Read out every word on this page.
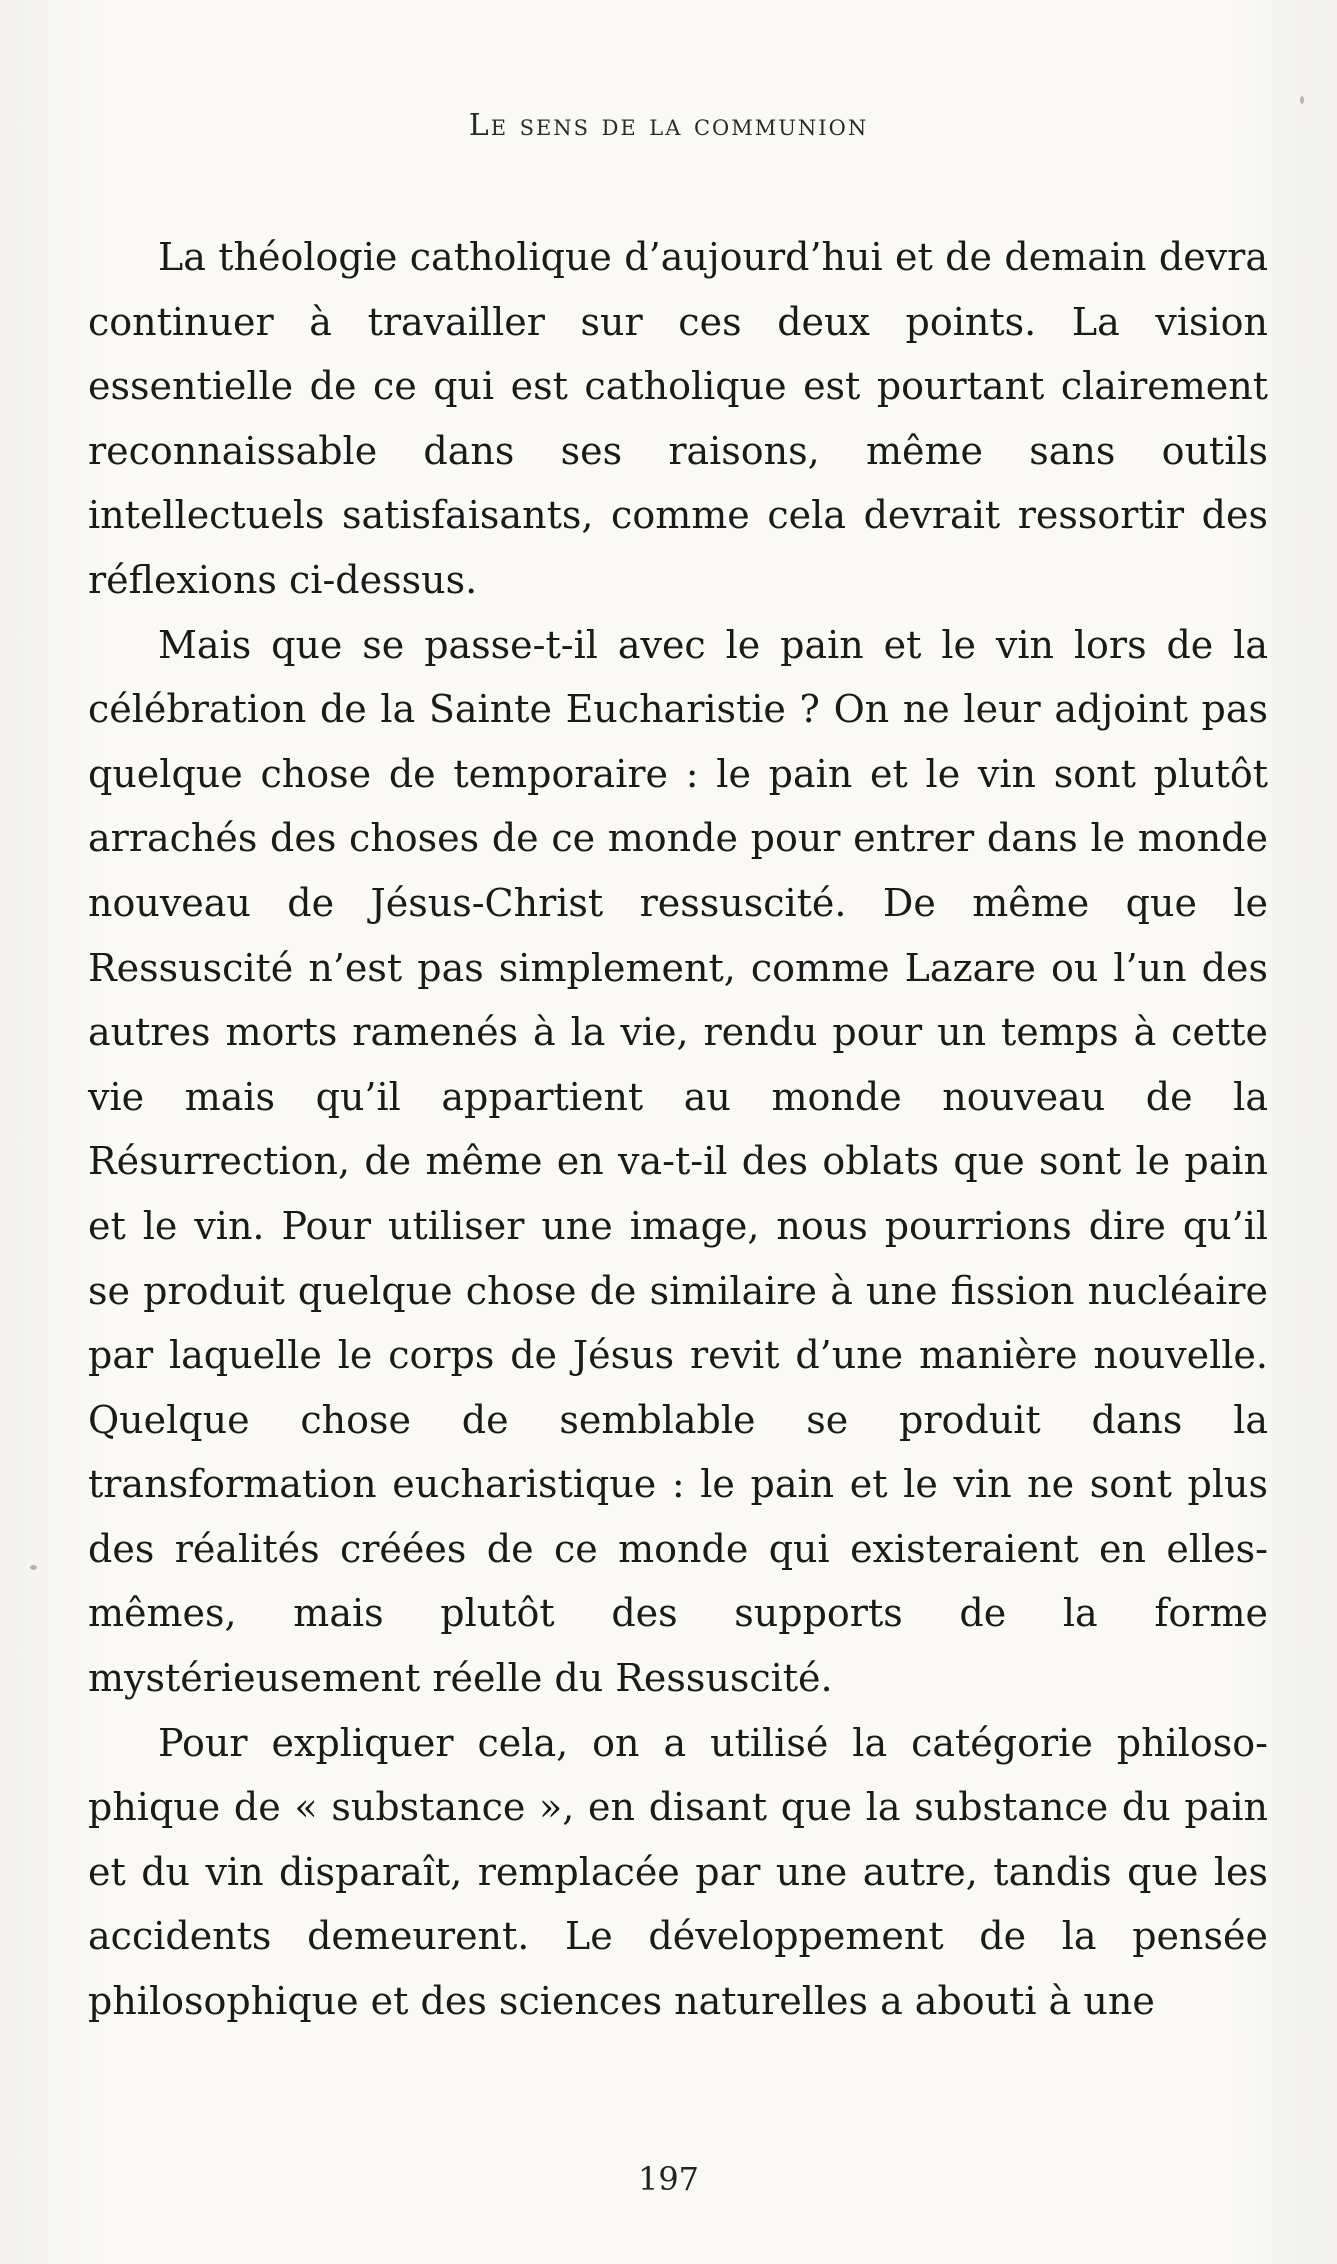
Le sens de la communion

La théologie catholique d’aujourd’hui et de demain devra continuer à travailler sur ces deux points. La vision essentielle de ce qui est catholique est pourtant clairement reconnaissable dans ses raisons, même sans outils intellectuels satisfaisants, comme cela devrait ressortir des réflexions ci-dessus.

Mais que se passe-t-il avec le pain et le vin lors de la célébration de la Sainte Eucharistie ? On ne leur adjoint pas quelque chose de temporaire : le pain et le vin sont plutôt arrachés des choses de ce monde pour entrer dans le monde nouveau de Jésus-Christ ressuscité. De même que le Ressuscité n’est pas simplement, comme Lazare ou l’un des autres morts ramenés à la vie, rendu pour un temps à cette vie mais qu’il appartient au monde nouveau de la Résurrection, de même en va-t-il des oblats que sont le pain et le vin. Pour utiliser une image, nous pourrions dire qu’il se produit quelque chose de similaire à une fission nucléaire par laquelle le corps de Jésus revit d’une manière nouvelle. Quelque chose de semblable se produit dans la transformation eucharistique : le pain et le vin ne sont plus des réalités créées de ce monde qui existeraient en elles-mêmes, mais plutôt des supports de la forme mystérieusement réelle du Ressuscité.

Pour expliquer cela, on a utilisé la catégorie philosophique de « substance », en disant que la substance du pain et du vin disparaît, remplacée par une autre, tandis que les accidents demeurent. Le développement de la pensée philosophique et des sciences naturelles a abouti à une

197
